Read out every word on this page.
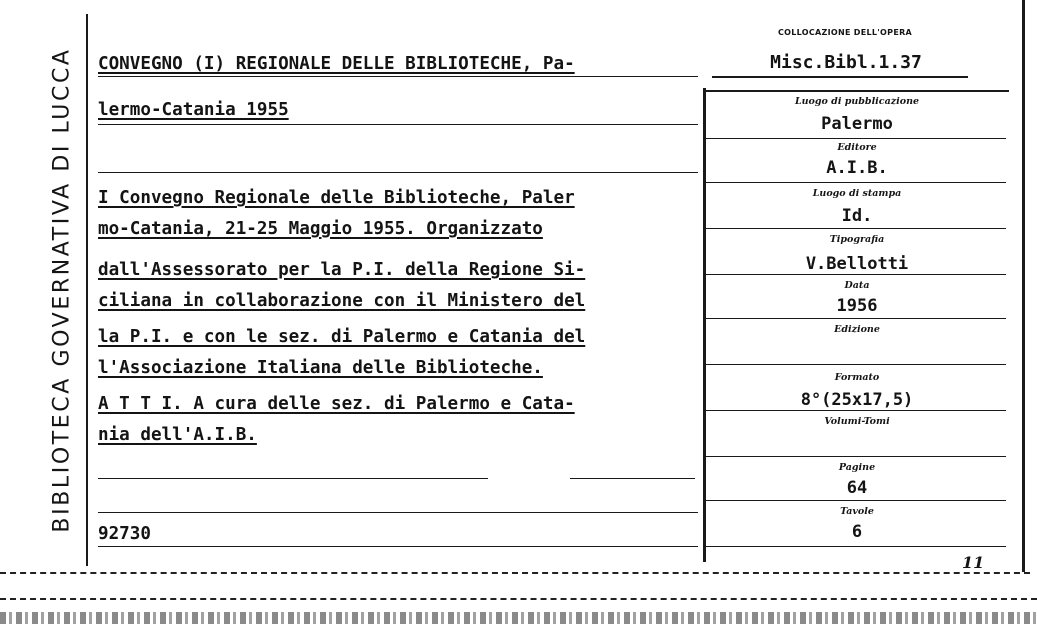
BIBLIOTECA GOVERNATIVA DI LUCCA
COLLOCAZIONE DELL'OPERA
Misc.Bibl.1.37
CONVEGNO (I) REGIONALE DELLE BIBLIOTECHE, Pa-
lermo-Catania 1955
I Convegno Regionale delle Biblioteche, Paler
mo-Catania, 21-25 Maggio 1955. Organizzato
dall'Assessorato per la P.I. della Regione Si-
ciliana in collaborazione con il Ministero del
la P.I. e con le sez. di Palermo e Catania del
l'Associazione Italiana delle Biblioteche.
A T T I. A cura delle sez. di Palermo e Cata-
nia dell'A.I.B.
92730
Luogo di pubblicazione
Palermo
Editore
A.I.B.
Luogo di stampa
Id.
Tipografia
V.Bellotti
Data
1956
Edizione
Formato
8°(25x17,5)
Volumi-Tomi
Pagine
64
Tavole
6
11
